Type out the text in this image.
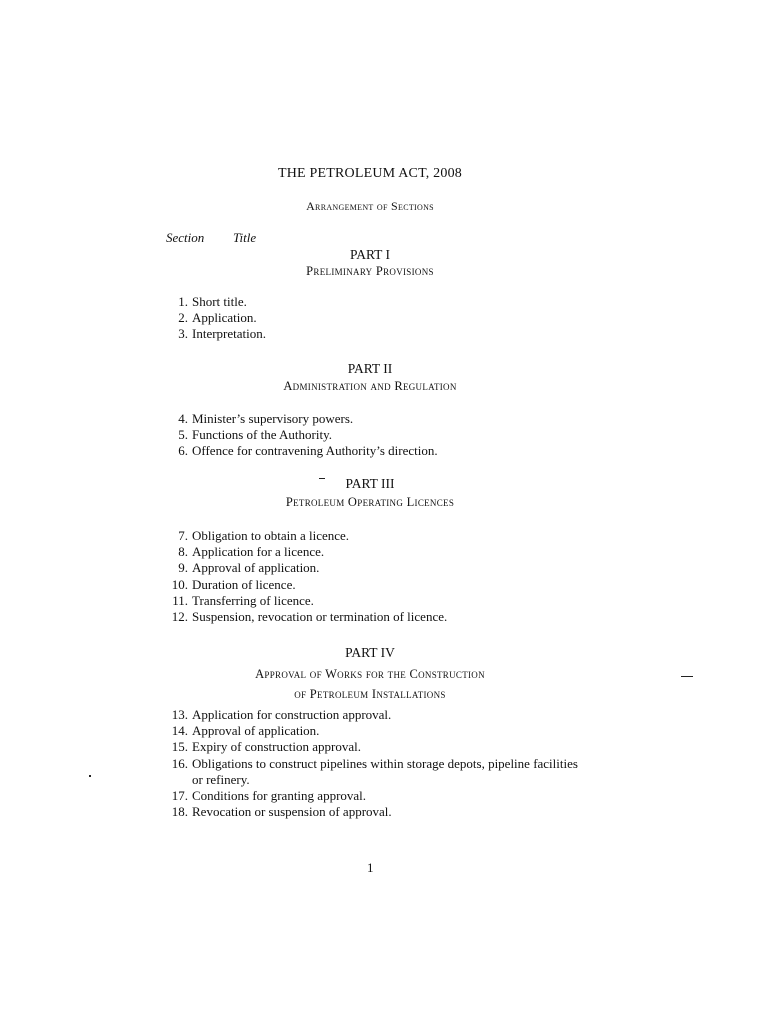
THE PETROLEUM ACT, 2008
Arrangement of Sections
Section Title
PART I
Preliminary Provisions
1 . Short title.
2 . Application.
3 . Interpretation.
PART II
Administration and Regulation
4 . Minister’s supervisory powers.
5 . Functions of the Authority.
6 . Offence for contravening Authority’s direction.
PART III
Petroleum Operating Licences
7 . Obligation to obtain a licence.
8 . Application for a licence.
9 . Approval of application.
10 . Duration of licence.
11 . Transferring of licence.
12 . Suspension, revocation or termination of licence.
PART IV
Approval of Works for the Construction
of Petroleum Installations
13 . Application for construction approval.
14 . Approval of application.
15 . Expiry of construction approval.
16 . Obligations to construct pipelines within storage depots, pipeline facilities or refinery.
17 . Conditions for granting approval.
18 . Revocation or suspension of approval.
1
